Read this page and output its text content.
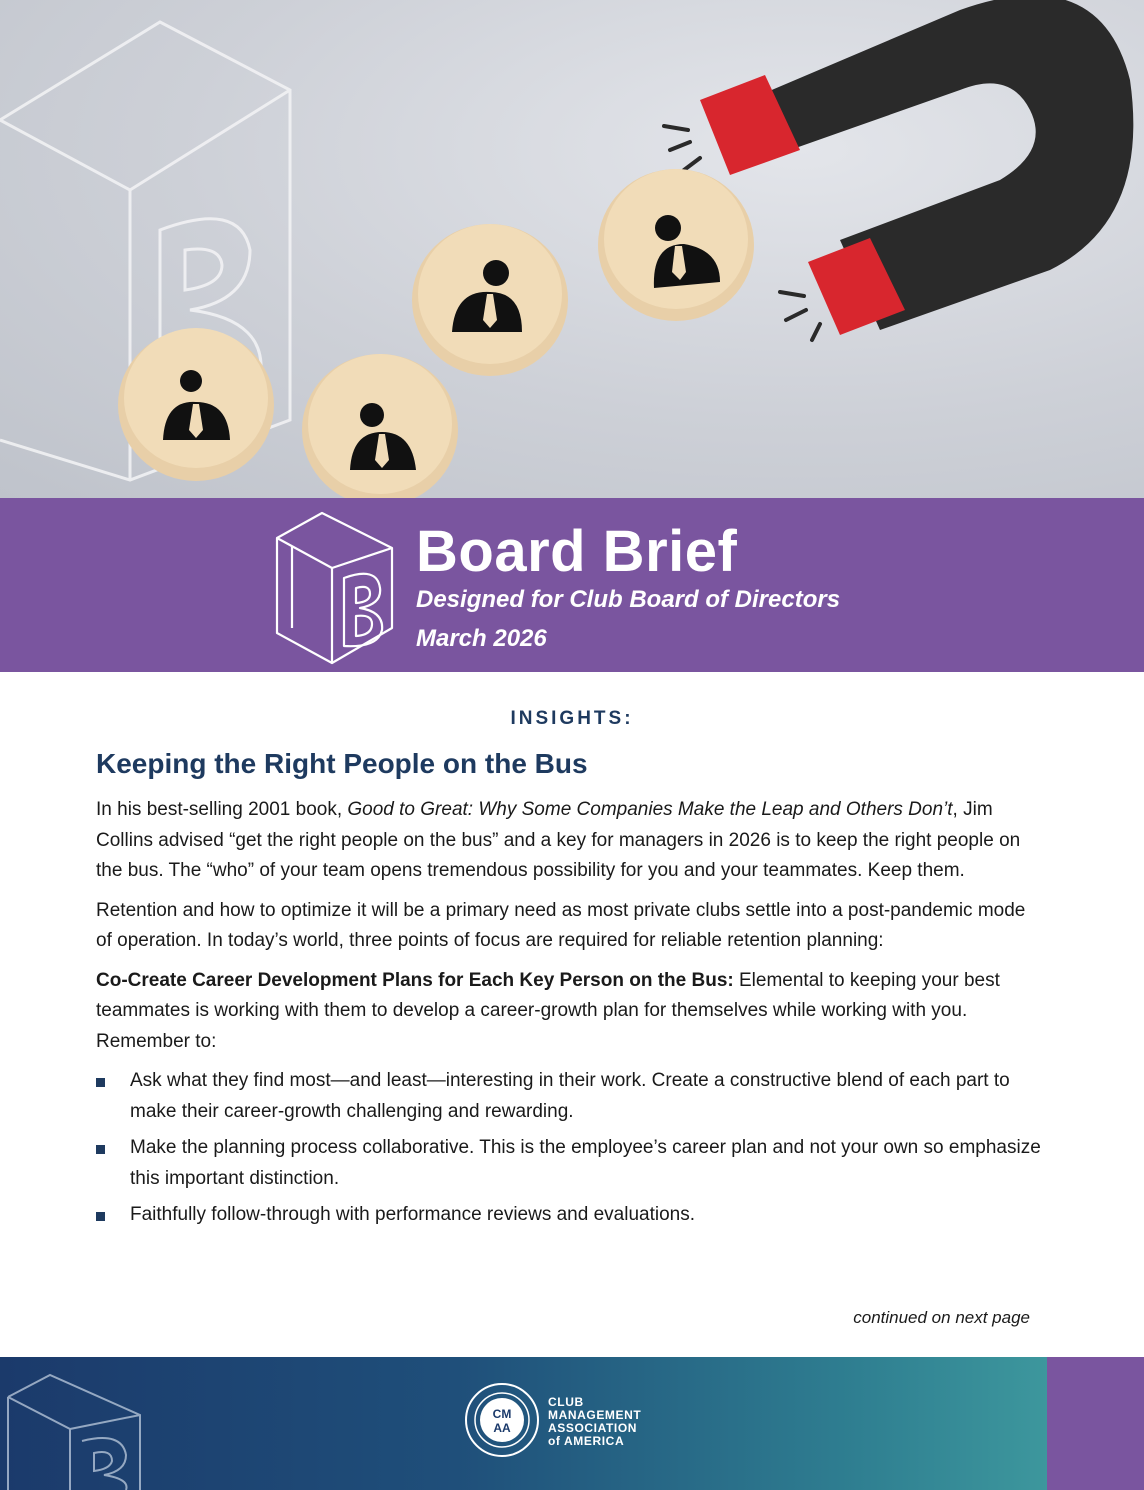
Board Brief

Designed for Club Board of Directors

March 2026

INSIGHTS:

Keeping the Right People on the Bus

In his best-selling 2001 book, Good to Great: Why Some Companies Make the Leap and Others Don’t, Jim Collins advised “get the right people on the bus” and a key for managers in 2026 is to keep the right people on the bus. The “who” of your team opens tremendous possibility for you and your teammates. Keep them.

Retention and how to optimize it will be a primary need as most private clubs settle into a post-pandemic mode of operation. In today’s world, three points of focus are required for reliable retention planning:

Co-Create Career Development Plans for Each Key Person on the Bus: Elemental to keeping your best teammates is working with them to develop a career-growth plan for themselves while working with you. Remember to:

Ask what they find most—and least—interesting in their work. Create a constructive blend of each part to make their career-growth challenging and rewarding.
Make the planning process collaborative. This is the employee’s career plan and not your own so emphasize this important distinction.
Faithfully follow-through with performance reviews and evaluations.

continued on next page

CM
AA

CLUB
MANAGEMENT
ASSOCIATION
of AMERICA
